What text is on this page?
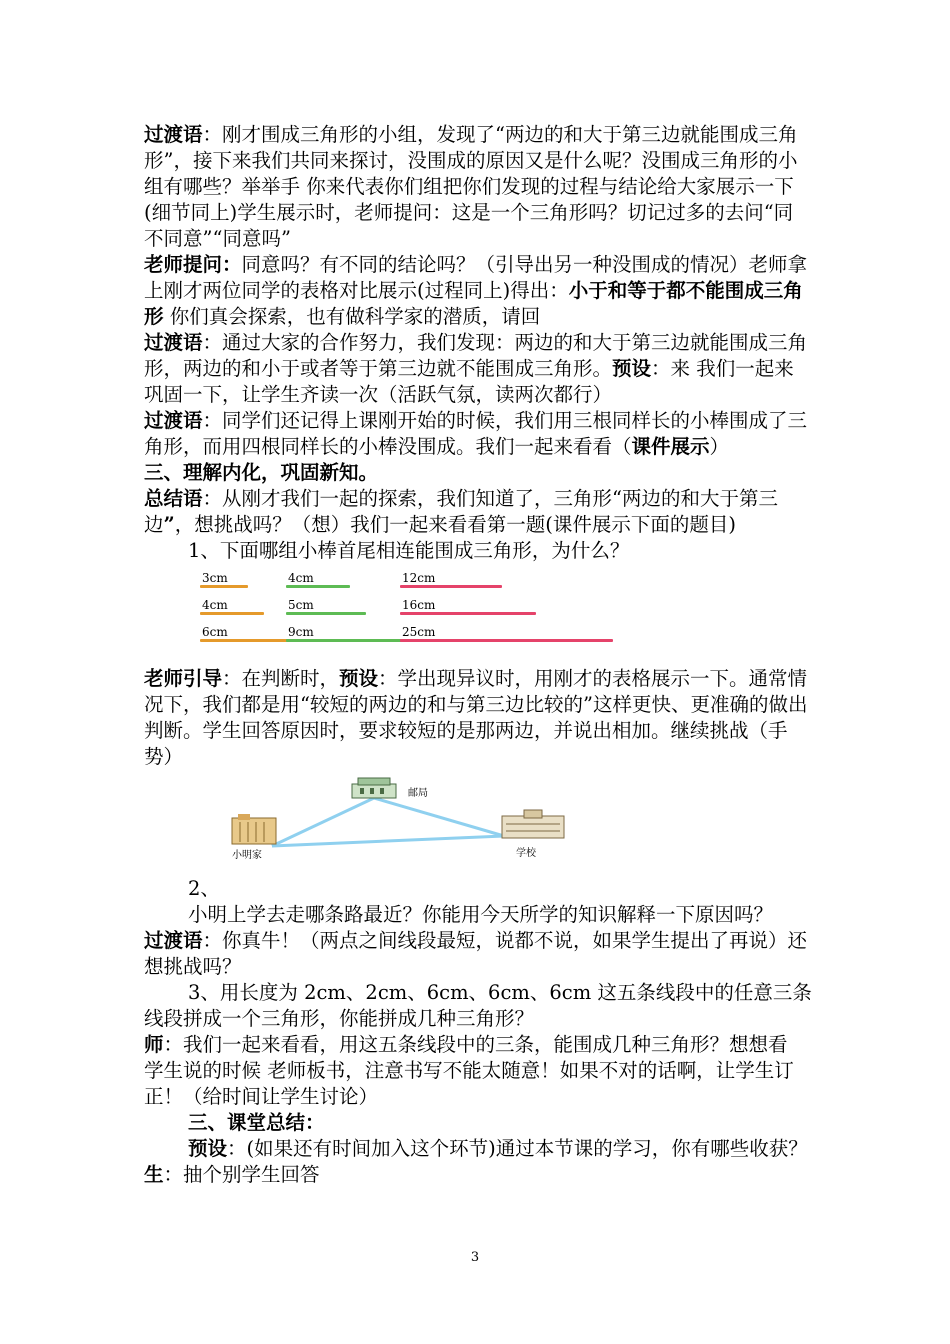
过渡语：刚才围成三角形的小组，发现了“两边的和大于第三边就能围成三角形”，接下来我们共同来探讨，没围成的原因又是什么呢？没围成三角形的小组有哪些？举举手 你来代表你们组把你们发现的过程与结论给大家展示一下(细节同上)学生展示时，老师提问：这是一个三角形吗？切记过多的去问“同不同意”“同意吗”

老师提问：同意吗？有不同的结论吗？（引导出另一种没围成的情况）老师拿上刚才两位同学的表格对比展示(过程同上)得出：小于和等于都不能围成三角形 你们真会探索，也有做科学家的潜质，请回

过渡语：通过大家的合作努力，我们发现：两边的和大于第三边就能围成三角形，两边的和小于或者等于第三边就不能围成三角形。预设：来 我们一起来巩固一下，让学生齐读一次（活跃气氛，读两次都行）

过渡语：同学们还记得上课刚开始的时候，我们用三根同样长的小棒围成了三角形，而用四根同样长的小棒没围成。我们一起来看看（课件展示）

三、理解内化，巩固新知。

总结语：从刚才我们一起的探索，我们知道了，三角形“两边的和大于第三边”，想挑战吗？（想）我们一起来看看第一题(课件展示下面的题目)

1、下面哪组小棒首尾相连能围成三角形，为什么？

3cm
4cm
6cm
4cm
5cm
9cm
12cm
16cm
25cm

老师引导：在判断时，预设：学出现异议时，用刚才的表格展示一下。通常情况下，我们都是用“较短的两边的和与第三边比较的”这样更快、更准确的做出判断。学生回答原因时，要求较短的是那两边，并说出相加。继续挑战（手势）

邮局
小明家	学校

2、

小明上学去走哪条路最近？你能用今天所学的知识解释一下原因吗？

过渡语：你真牛！（两点之间线段最短，说都不说，如果学生提出了再说）还想挑战吗？

3、用长度为 2cm、2cm、6cm、6cm、6cm 这五条线段中的任意三条线段拼成一个三角形，你能拼成几种三角形？

师：我们一起来看看，用这五条线段中的三条，能围成几种三角形？想想看 学生说的时候 老师板书，注意书写不能太随意！如果不对的话啊，让学生订正！（给时间让学生讨论）

三、课堂总结：

预设：(如果还有时间加入这个环节)通过本节课的学习，你有哪些收获？生：抽个别学生回答

3
